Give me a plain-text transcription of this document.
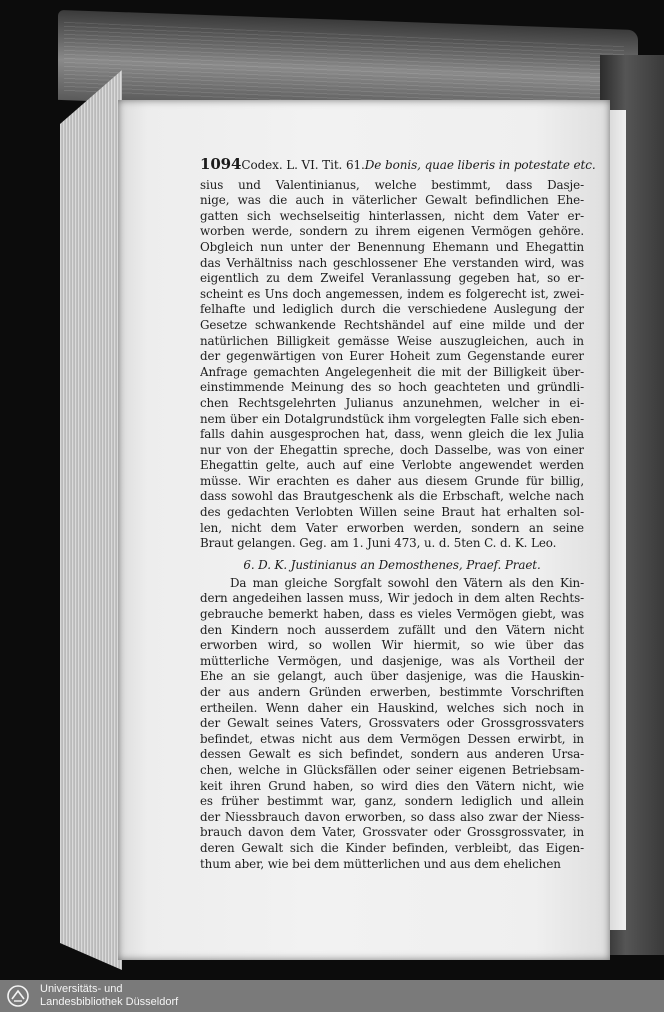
1094 Codex. L. VI. Tit. 61. De bonis, quae liberis in potestate etc.
sius und Valentinianus, welche bestimmt, dass Dasje-
nige, was die auch in väterlicher Gewalt befindlichen Ehe-
gatten sich wechselseitig hinterlassen, nicht dem Vater er-
worben werde, sondern zu ihrem eigenen Vermögen gehöre.
Obgleich nun unter der Benennung Ehemann und Ehegattin
das Verhältniss nach geschlossener Ehe verstanden wird, was
eigentlich zu dem Zweifel Veranlassung gegeben hat, so er-
scheint es Uns doch angemessen, indem es folgerecht ist, zwei-
felhafte und lediglich durch die verschiedene Auslegung der
Gesetze schwankende Rechtshändel auf eine milde und der
natürlichen Billigkeit gemässe Weise auszugleichen, auch in
der gegenwärtigen von Eurer Hoheit zum Gegenstande eurer
Anfrage gemachten Angelegenheit die mit der Billigkeit über-
einstimmende Meinung des so hoch geachteten und gründli-
chen Rechtsgelehrten Julianus anzunehmen, welcher in ei-
nem über ein Dotalgrundstück ihm vorgelegten Falle sich eben-
falls dahin ausgesprochen hat, dass, wenn gleich die lex Julia
nur von der Ehegattin spreche, doch Dasselbe, was von einer
Ehegattin gelte, auch auf eine Verlobte angewendet werden
müsse. Wir erachten es daher aus diesem Grunde für billig,
dass sowohl das Brautgeschenk als die Erbschaft, welche nach
des gedachten Verlobten Willen seine Braut hat erhalten sol-
len, nicht dem Vater erworben werden, sondern an seine
Braut gelangen. Geg. am 1. Juni 473, u. d. 5ten C. d. K. Leo.
6. D. K. Justinianus an Demosthenes, Praef. Praet.
Da man gleiche Sorgfalt sowohl den Vätern als den Kin-
dern angedeihen lassen muss, Wir jedoch in dem alten Rechts-
gebrauche bemerkt haben, dass es vieles Vermögen giebt, was
den Kindern noch ausserdem zufällt und den Vätern nicht
erworben wird, so wollen Wir hiermit, so wie über das
mütterliche Vermögen, und dasjenige, was als Vortheil der
Ehe an sie gelangt, auch über dasjenige, was die Hauskin-
der aus andern Gründen erwerben, bestimmte Vorschriften
ertheilen. Wenn daher ein Hauskind, welches sich noch in
der Gewalt seines Vaters, Grossvaters oder Grossgrossvaters
befindet, etwas nicht aus dem Vermögen Dessen erwirbt, in
dessen Gewalt es sich befindet, sondern aus anderen Ursa-
chen, welche in Glücksfällen oder seiner eigenen Betriebsam-
keit ihren Grund haben, so wird dies den Vätern nicht, wie
es früher bestimmt war, ganz, sondern lediglich und allein
der Niessbrauch davon erworben, so dass also zwar der Niess-
brauch davon dem Vater, Grossvater oder Grossgrossvater, in
deren Gewalt sich die Kinder befinden, verbleibt, das Eigen-
thum aber, wie bei dem mütterlichen und aus dem ehelichen
Universitäts- und
Landesbibliothek Düsseldorf
